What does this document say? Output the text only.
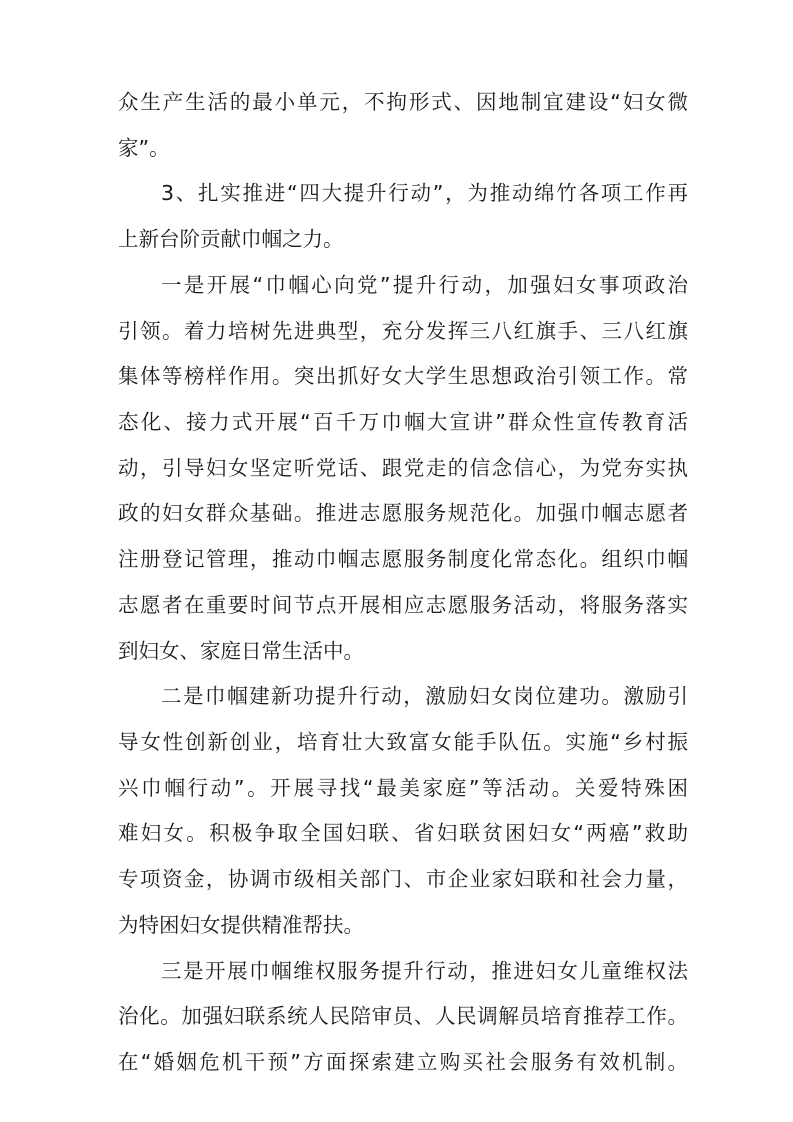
众生产生活的最小单元，不拘形式、因地制宜建设“妇女微
家”。
3、扎实推进“四大提升行动”，为推动绵竹各项工作再
上新台阶贡献巾帼之力。
一是开展“巾帼心向党”提升行动，加强妇女事项政治
引领。着力培树先进典型，充分发挥三八红旗手、三八红旗
集体等榜样作用。突出抓好女大学生思想政治引领工作。常
态化、接力式开展“百千万巾帼大宣讲”群众性宣传教育活
动，引导妇女坚定听党话、跟党走的信念信心，为党夯实执
政的妇女群众基础。推进志愿服务规范化。加强巾帼志愿者
注册登记管理，推动巾帼志愿服务制度化常态化。组织巾帼
志愿者在重要时间节点开展相应志愿服务活动，将服务落实
到妇女、家庭日常生活中。
二是巾帼建新功提升行动，激励妇女岗位建功。激励引
导女性创新创业，培育壮大致富女能手队伍。实施“乡村振
兴巾帼行动”。开展寻找“最美家庭”等活动。关爱特殊困
难妇女。积极争取全国妇联、省妇联贫困妇女“两癌”救助
专项资金，协调市级相关部门、市企业家妇联和社会力量，
为特困妇女提供精准帮扶。
三是开展巾帼维权服务提升行动，推进妇女儿童维权法
治化。加强妇联系统人民陪审员、人民调解员培育推荐工作。
在“婚姻危机干预”方面探索建立购买社会服务有效机制。
